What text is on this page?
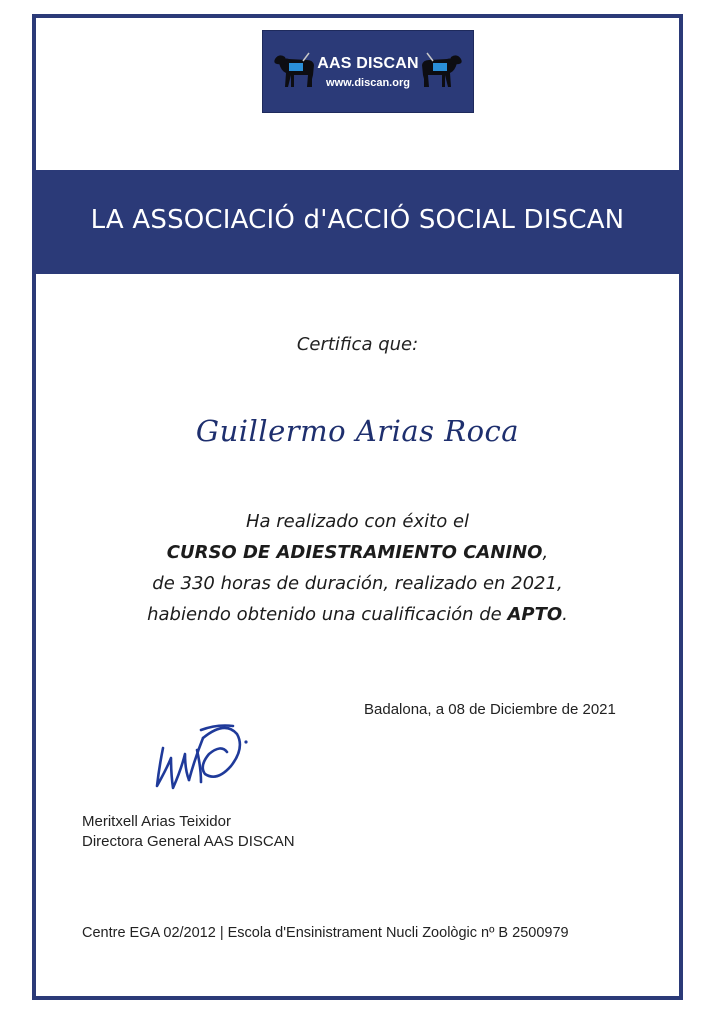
AAS DISCAN
www.discan.org
LA ASSOCIACIÓ d'ACCIÓ SOCIAL DISCAN
Certifica que:
Guillermo Arias Roca
Ha realizado con éxito el
CURSO DE ADIESTRAMIENTO CANINO,
de 330 horas de duración, realizado en 2021,
habiendo obtenido una cualificación de APTO.
Badalona, a 08 de Diciembre de 2021
Meritxell Arias Teixidor
Directora General AAS DISCAN
Centre EGA 02/2012 | Escola d'Ensinistrament Nucli Zoològic nº B 2500979
